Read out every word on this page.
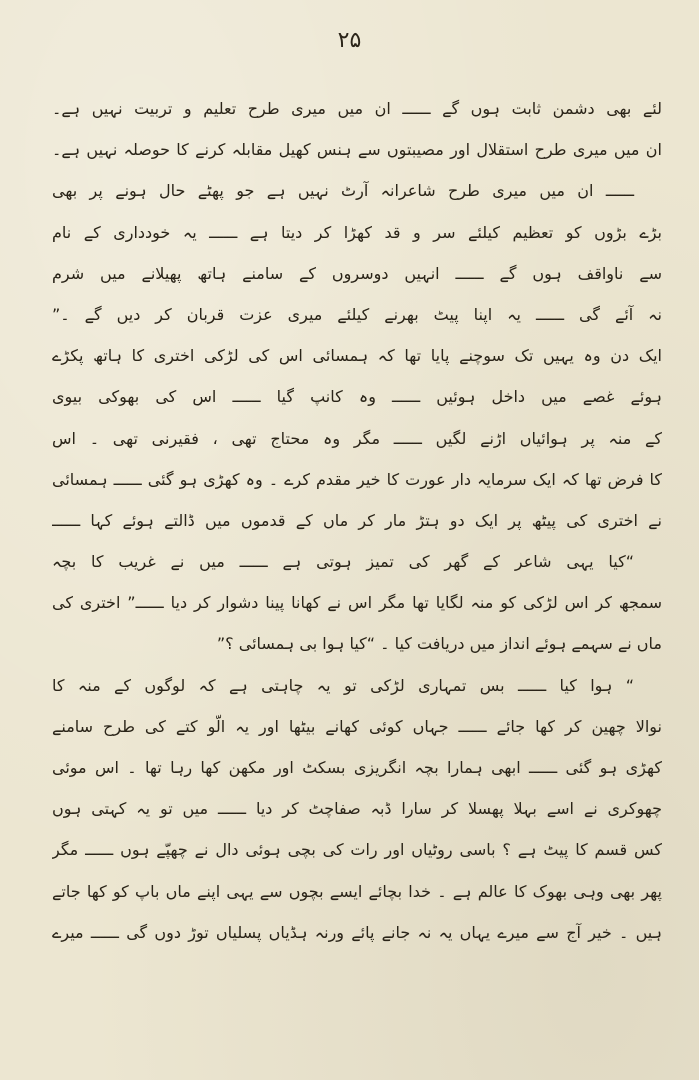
۲۵
لئے بھی دشمن ثابت ہوں گے ــــــ ان میں میری طرح تعلیم و تربیت نہیں ہے۔
ان میں میری طرح استقلال اور مصیبتوں سے ہنس کھیل مقابلہ کرنے کا حوصلہ نہیں ہے۔
ــــــ ان میں میری طرح شاعرانہ آرٹ نہیں ہے جو پھٹے حال ہونے پر بھی
بڑے بڑوں کو تعظیم کیلئے سر و قد کھڑا کر دیتا ہے ــــــ یہ خودداری کے نام
سے ناواقف ہوں گے ــــــ انہیں دوسروں کے سامنے ہاتھ پھیلانے میں شرم
نہ آئے گی ــــــ یہ اپنا پیٹ بھرنے کیلئے میری عزت قربان کر دیں گے ۔”
ایک دن وہ یہیں تک سوچنے پایا تھا کہ ہمسائی اس کی لڑکی اختری کا ہاتھ پکڑے
ہوئے غصے میں داخل ہوئیں ــــــ وہ کانپ گیا ــــــ اس کی بھوکی بیوی
کے منہ پر ہوائیاں اڑنے لگیں ــــــ مگر وہ محتاج تھی ، فقیرنی تھی ۔ اس
کا فرض تھا کہ ایک سرمایہ دار عورت کا خیر مقدم کرے ۔ وہ کھڑی ہو گئی ــــــ ہمسائی
نے اختری کی پیٹھ پر ایک دو ہتڑ مار کر ماں کے قدموں میں ڈالتے ہوئے کہا ــــــ
“کیا یہی شاعر کے گھر کی تمیز ہوتی ہے ــــــ میں نے غریب کا بچہ
سمجھ کر اس لڑکی کو منہ لگایا تھا مگر اس نے کھانا پینا دشوار کر دیا ــــــ” اختری کی
ماں نے سہمے ہوئے انداز میں دریافت کیا ۔ “کیا ہوا بی ہمسائی ؟”
“ ہوا کیا ــــــ بس تمہاری لڑکی تو یہ چاہتی ہے کہ لوگوں کے منہ کا
نوالا چھین کر کھا جائے ــــــ جہاں کوئی کھانے بیٹھا اور یہ الّو کتے کی طرح سامنے
کھڑی ہو گئی ــــــ ابھی ہمارا بچہ انگریزی بسکٹ اور مکھن کھا رہا تھا ۔ اس موئی
چھوکری نے اسے بہلا پھسلا کر سارا ڈبہ صفاچٹ کر دیا ــــــ میں تو یہ کہتی ہوں
کس قسم کا پیٹ ہے ؟ باسی روٹیاں اور رات کی بچی ہوئی دال نے چھپّے ہوں ــــــ مگر
پھر بھی وہی بھوک کا عالم ہے ۔ خدا بچائے ایسے بچوں سے یہی اپنے ماں باپ کو کھا جاتے
ہیں ۔ خیر آج سے میرے یہاں یہ نہ جانے پائے ورنہ ہڈیاں پسلیاں توڑ دوں گی ــــــ میرے
